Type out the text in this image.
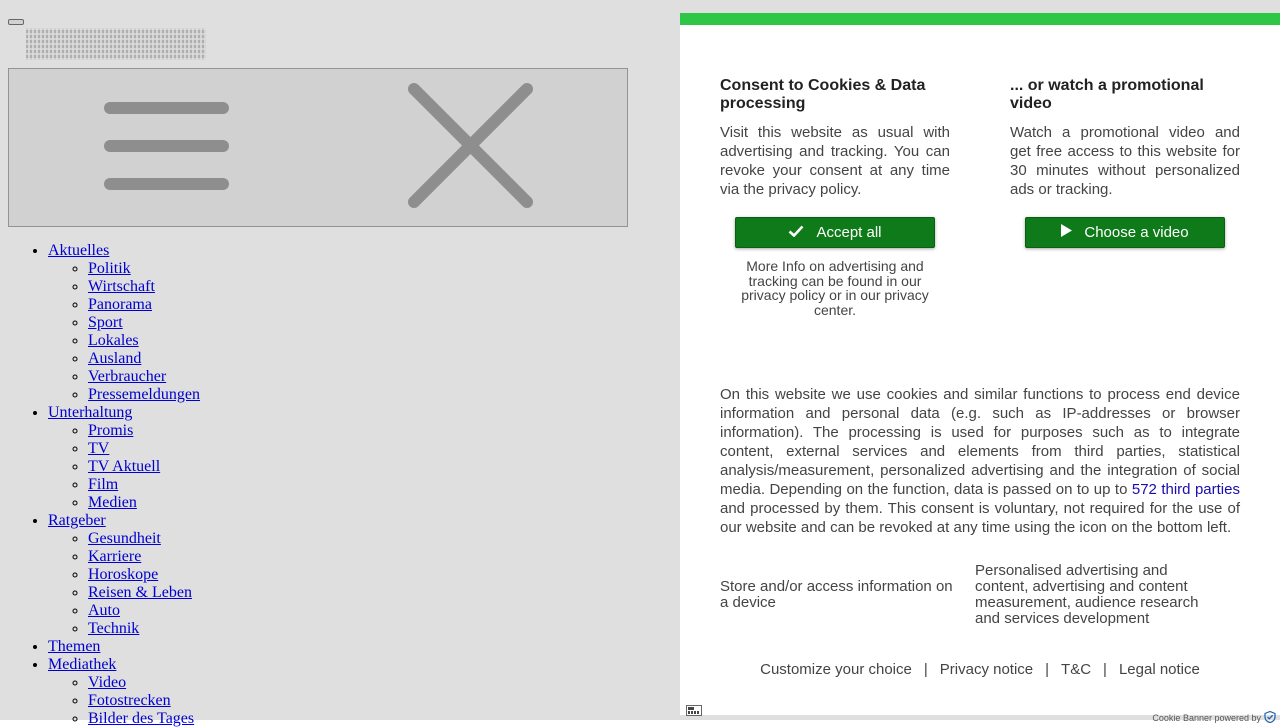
• Aktuelles
◦ Politik
◦ Wirtschaft
◦ Panorama
◦ Sport
◦ Lokales
◦ Ausland
◦ Verbraucher
◦ Pressemeldungen
• Unterhaltung
◦ Promis
◦ TV
◦ TV Aktuell
◦ Film
◦ Medien
• Ratgeber
◦ Gesundheit
◦ Karriere
◦ Horoskope
◦ Reisen & Leben
◦ Auto
◦ Technik
• Themen
• Mediathek
◦ Video
◦ Fotostrecken
◦ Bilder des Tages
Consent to Cookies & Data processing

Visit this website as usual with advertising and tracking. You can revoke your consent at any time via the privacy policy.

... or watch a promotional video

Watch a promotional video and get free access to this website for 30 minutes without personalized ads or tracking.

Accept all	Choose a video
More Info on advertising and tracking can be found in our privacy policy or in our privacy center.
On this website we use cookies and similar functions to process end device information and personal data (e.g. such as IP-addresses or browser information). The processing is used for purposes such as to integrate content, external services and elements from third parties, statistical analysis/measurement, personalized advertising and the integration of social media. Depending on the function, data is passed on to up to 572 third parties and processed by them. This consent is voluntary, not required for the use of our website and can be revoked at any time using the icon on the bottom left.
Store and/or access information on a device
Personalised advertising and content, advertising and content measurement, audience research and services development
Customize your choice | Privacy notice | T&C | Legal notice
Cookie Banner powered by
